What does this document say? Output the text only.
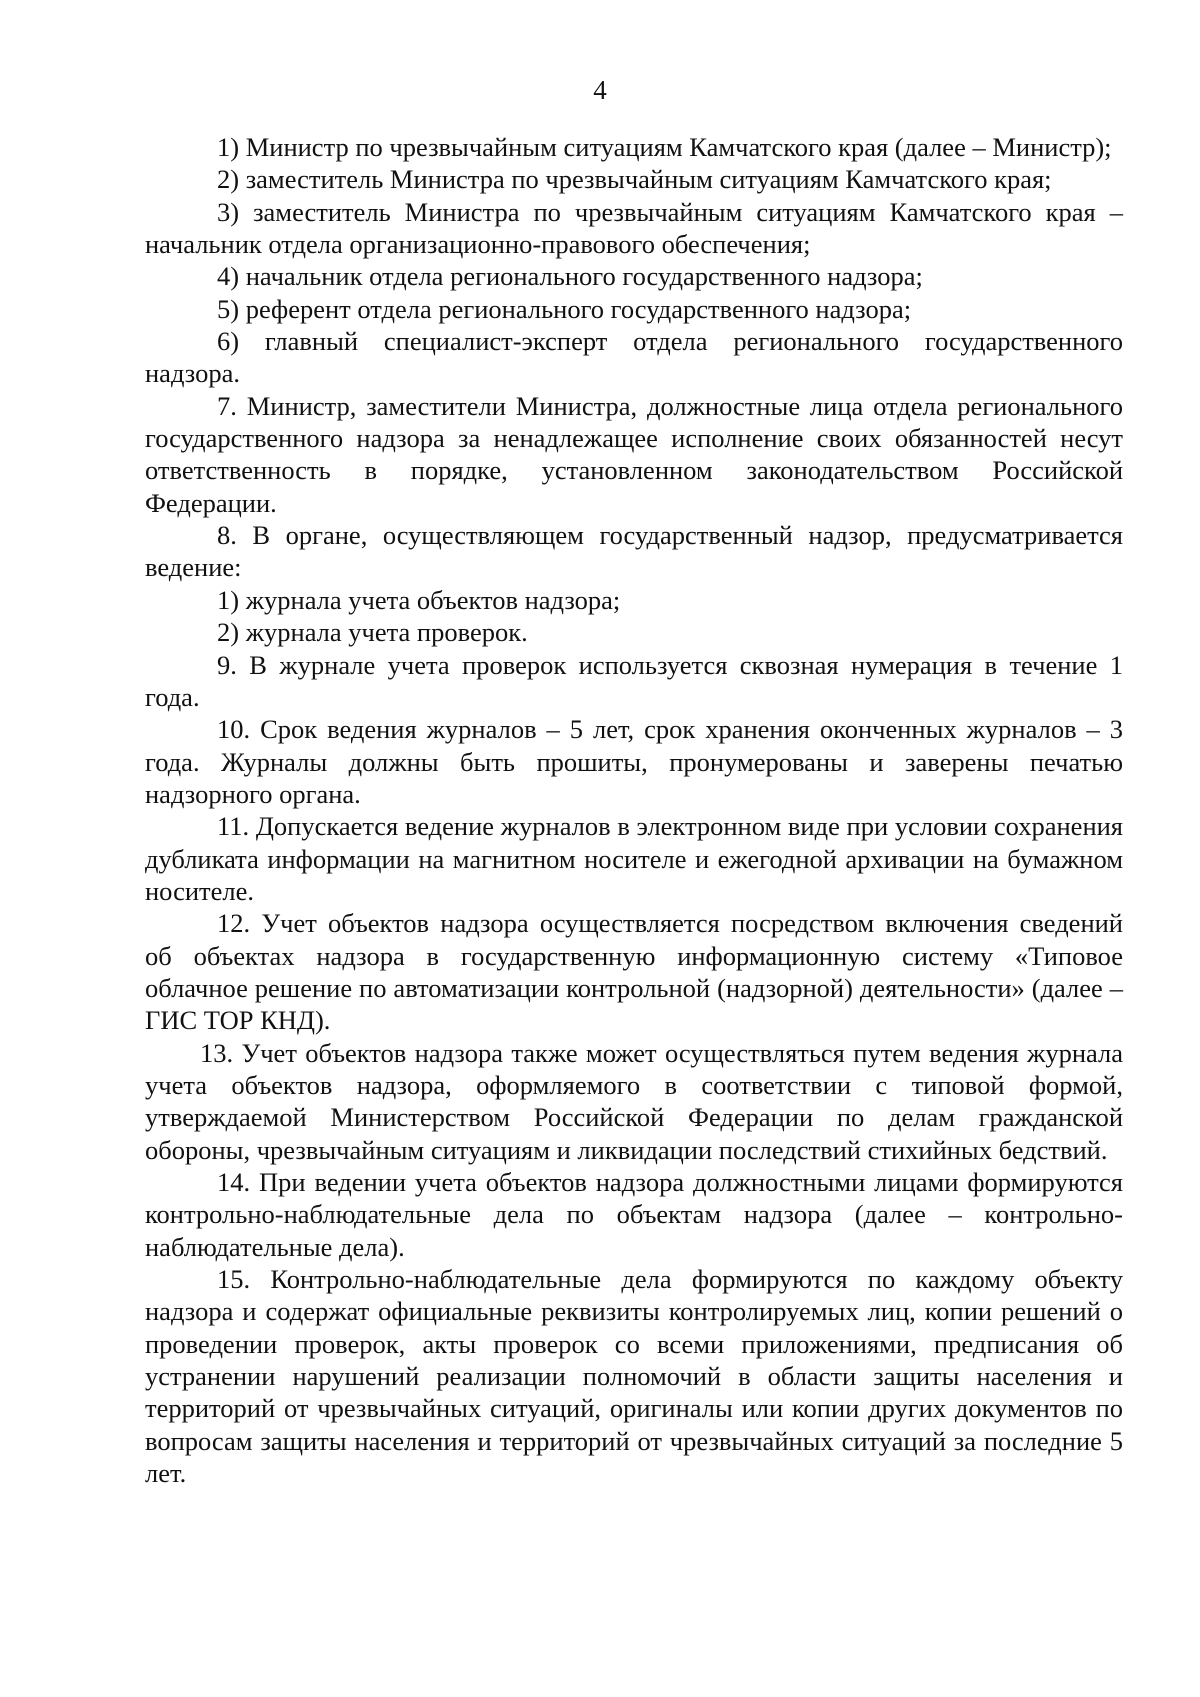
4

1) Министр по чрезвычайным ситуациям Камчатского края (далее – Министр);

2) заместитель Министра по чрезвычайным ситуациям Камчатского края;

3) заместитель Министра по чрезвычайным ситуациям Камчатского края – начальник отдела организационно-правового обеспечения;

4) начальник отдела регионального государственного надзора;

5) референт отдела регионального государственного надзора;

6) главный специалист-эксперт отдела регионального государственного надзора.

7. Министр, заместители Министра, должностные лица отдела регионального государственного надзора за ненадлежащее исполнение своих обязанностей несут ответственность в порядке, установленном законодательством Российской Федерации.

8. В органе, осуществляющем государственный надзор, предусматривается ведение:

1) журнала учета объектов надзора;

2) журнала учета проверок.

9. В журнале учета проверок используется сквозная нумерация в течение 1 года.

10. Срок ведения журналов – 5 лет, срок хранения оконченных журналов – 3 года. Журналы должны быть прошиты, пронумерованы и заверены печатью надзорного органа.

11. Допускается ведение журналов в электронном виде при условии сохранения дубликата информации на магнитном носителе и ежегодной архивации на бумажном носителе.

12. Учет объектов надзора осуществляется посредством включения сведений об объектах надзора в государственную информационную систему «Типовое облачное решение по автоматизации контрольной (надзорной) деятельности» (далее – ГИС ТОР КНД).

13. Учет объектов надзора также может осуществляться путем ведения журнала учета объектов надзора, оформляемого в соответствии с типовой формой, утверждаемой Министерством Российской Федерации по делам гражданской обороны, чрезвычайным ситуациям и ликвидации последствий стихийных бедствий.

14. При ведении учета объектов надзора должностными лицами формируются контрольно-наблюдательные дела по объектам надзора (далее – контрольно-наблюдательные дела).

15. Контрольно-наблюдательные дела формируются по каждому объекту надзора и содержат официальные реквизиты контролируемых лиц, копии решений о проведении проверок, акты проверок со всеми приложениями, предписания об устранении нарушений реализации полномочий в области защиты населения и территорий от чрезвычайных ситуаций, оригиналы или копии других документов по вопросам защиты населения и территорий от чрезвычайных ситуаций за последние 5 лет.
